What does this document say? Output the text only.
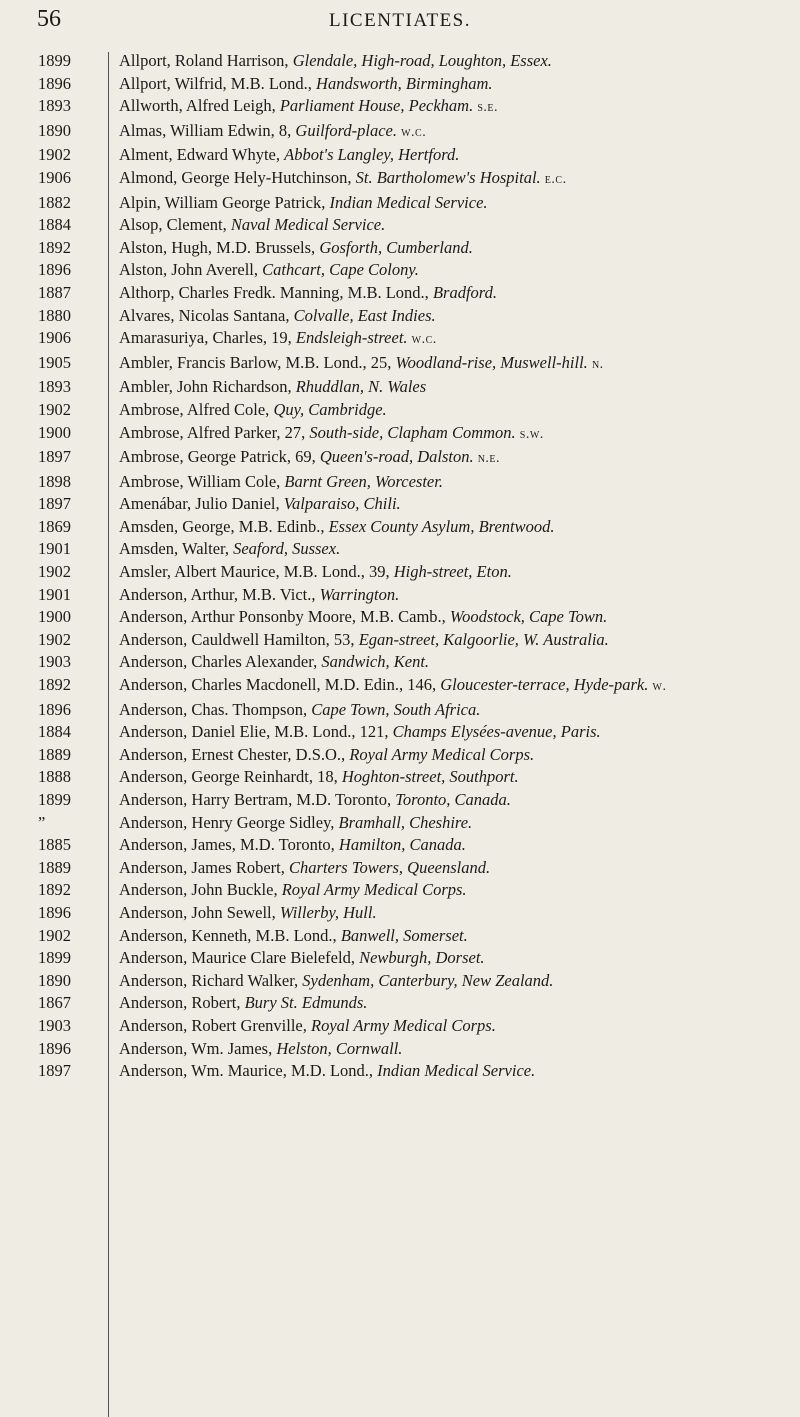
56	LICENTIATES.
1899	Allport, Roland Harrison, Glendale, High-road, Loughton, Essex.
1896	Allport, Wilfrid, M.B. Lond., Handsworth, Birmingham.
1893	Allworth, Alfred Leigh, Parliament House, Peckham. s.e.
1890	Almas, William Edwin, 8, Guilford-place. w.c.
1902	Alment, Edward Whyte, Abbot's Langley, Hertford.
1906	Almond, George Hely-Hutchinson, St. Bartholomew's Hospital. e.c.
1882	Alpin, William George Patrick, Indian Medical Service.
1884	Alsop, Clement, Naval Medical Service.
1892	Alston, Hugh, M.D. Brussels, Gosforth, Cumberland.
1896	Alston, John Averell, Cathcart, Cape Colony.
1887	Althorp, Charles Fredk. Manning, M.B. Lond., Bradford.
1880	Alvares, Nicolas Santana, Colvalle, East Indies.
1906	Amarasuriya, Charles, 19, Endsleigh-street. w.c.
1905	Ambler, Francis Barlow, M.B. Lond., 25, Woodland-rise, Muswell-hill. n.
1893	Ambler, John Richardson, Rhuddlan, N. Wales
1902	Ambrose, Alfred Cole, Quy, Cambridge.
1900	Ambrose, Alfred Parker, 27, South-side, Clapham Common. s.w.
1897	Ambrose, George Patrick, 69, Queen's-road, Dalston. n.e.
1898	Ambrose, William Cole, Barnt Green, Worcester.
1897	Amenábar, Julio Daniel, Valparaiso, Chili.
1869	Amsden, George, M.B. Edinb., Essex County Asylum, Brentwood.
1901	Amsden, Walter, Seaford, Sussex.
1902	Amsler, Albert Maurice, M.B. Lond., 39, High-street, Eton.
1901	Anderson, Arthur, M.B. Vict., Warrington.
1900	Anderson, Arthur Ponsonby Moore, M.B. Camb., Woodstock, Cape Town.
1902	Anderson, Cauldwell Hamilton, 53, Egan-street, Kalgoorlie, W. Australia.
1903	Anderson, Charles Alexander, Sandwich, Kent.
1892	Anderson, Charles Macdonell, M.D. Edin., 146, Gloucester-terrace, Hyde-park. w.
1896	Anderson, Chas. Thompson, Cape Town, South Africa.
1884	Anderson, Daniel Elie, M.B. Lond., 121, Champs Elysées-avenue, Paris.
1889	Anderson, Ernest Chester, D.S.O., Royal Army Medical Corps.
1888	Anderson, George Reinhardt, 18, Hoghton-street, Southport.
1899	Anderson, Harry Bertram, M.D. Toronto, Toronto, Canada.
”	Anderson, Henry George Sidley, Bramhall, Cheshire.
1885	Anderson, James, M.D. Toronto, Hamilton, Canada.
1889	Anderson, James Robert, Charters Towers, Queensland.
1892	Anderson, John Buckle, Royal Army Medical Corps.
1896	Anderson, John Sewell, Willerby, Hull.
1902	Anderson, Kenneth, M.B. Lond., Banwell, Somerset.
1899	Anderson, Maurice Clare Bielefeld, Newburgh, Dorset.
1890	Anderson, Richard Walker, Sydenham, Canterbury, New Zealand.
1867	Anderson, Robert, Bury St. Edmunds.
1903	Anderson, Robert Grenville, Royal Army Medical Corps.
1896	Anderson, Wm. James, Helston, Cornwall.
1897	Anderson, Wm. Maurice, M.D. Lond., Indian Medical Service.
